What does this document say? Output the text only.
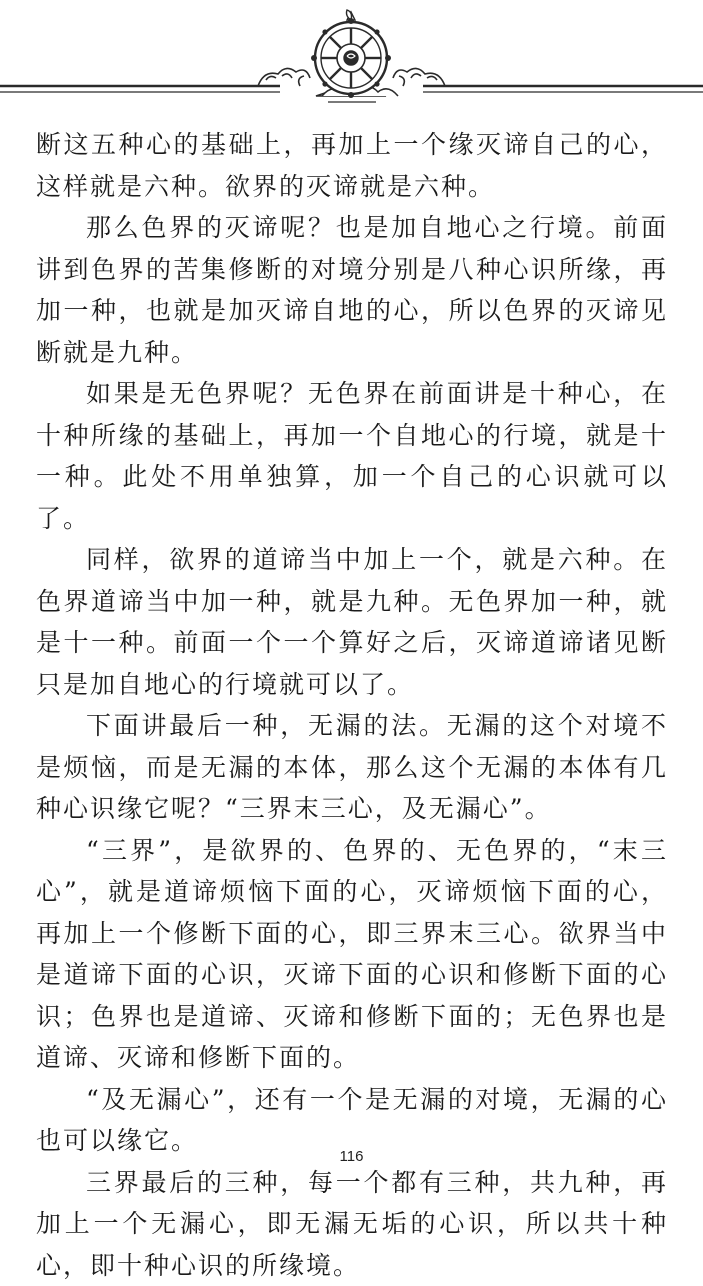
断这五种心的基础上，再加上一个缘灭谛自己的心，这样就是六种。欲界的灭谛就是六种。

那么色界的灭谛呢？也是加自地心之行境。前面讲到色界的苦集修断的对境分别是八种心识所缘，再加一种，也就是加灭谛自地的心，所以色界的灭谛见断就是九种。

如果是无色界呢？无色界在前面讲是十种心，在十种所缘的基础上，再加一个自地心的行境，就是十一种。此处不用单独算，加一个自己的心识就可以了。

同样，欲界的道谛当中加上一个，就是六种。在色界道谛当中加一种，就是九种。无色界加一种，就是十一种。前面一个一个算好之后，灭谛道谛诸见断只是加自地心的行境就可以了。

下面讲最后一种，无漏的法。无漏的这个对境不是烦恼，而是无漏的本体，那么这个无漏的本体有几种心识缘它呢？“三界末三心，及无漏心”。

“三界”，是欲界的、色界的、无色界的，“末三心”，就是道谛烦恼下面的心，灭谛烦恼下面的心，再加上一个修断下面的心，即三界末三心。欲界当中是道谛下面的心识，灭谛下面的心识和修断下面的心识；色界也是道谛、灭谛和修断下面的；无色界也是道谛、灭谛和修断下面的。

“及无漏心”，还有一个是无漏的对境，无漏的心也可以缘它。

三界最后的三种，每一个都有三种，共九种，再加上一个无漏心，即无漏无垢的心识，所以共十种心，即十种心识的所缘境。

116
